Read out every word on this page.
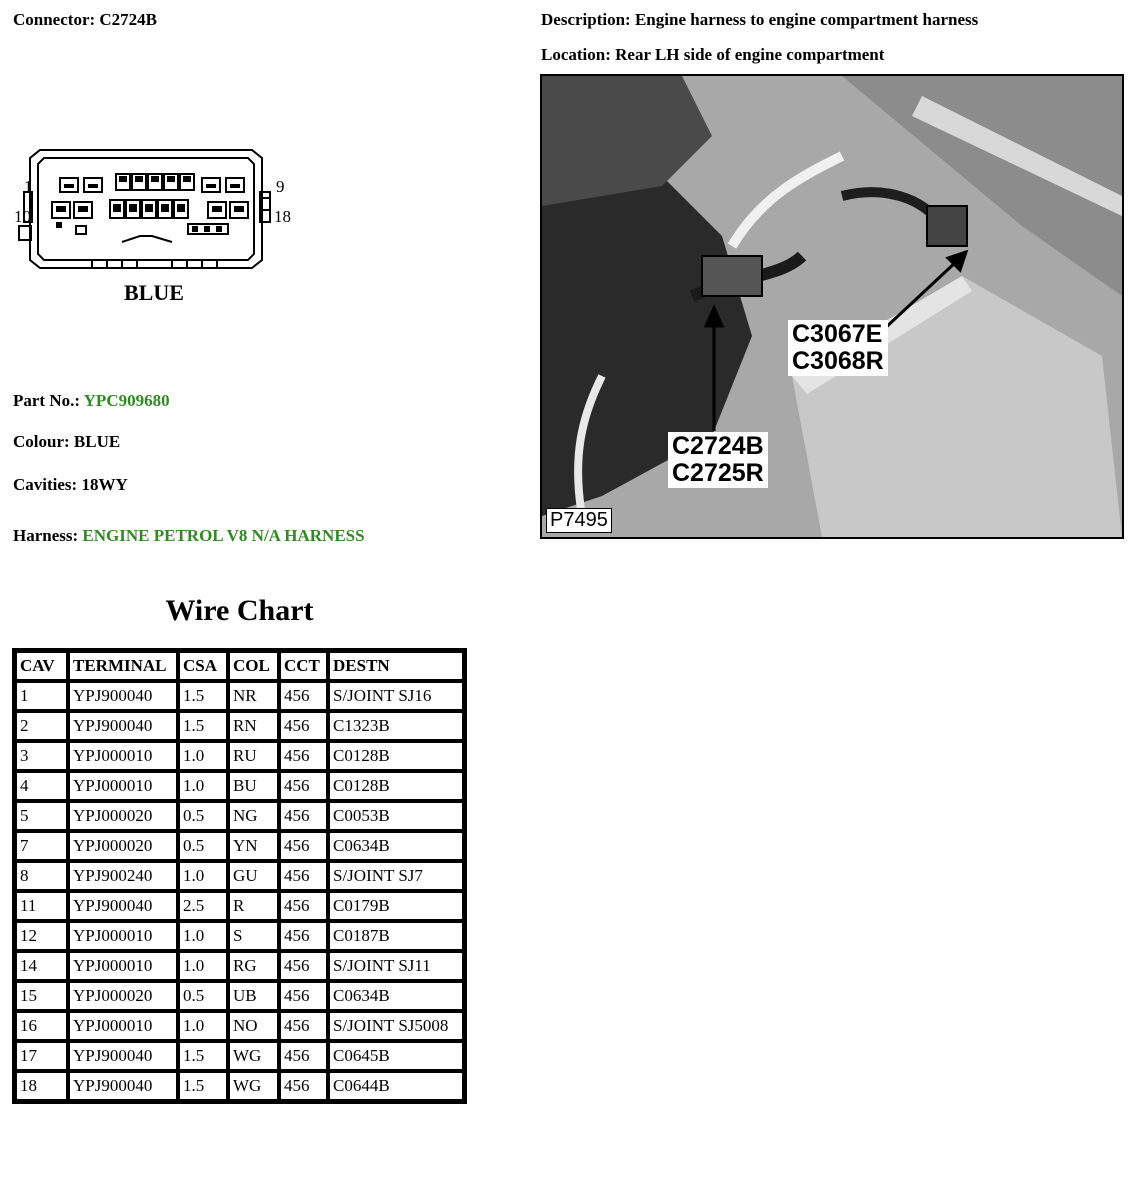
Connector: C2724B	Description: Engine harness to engine compartment harness
Location: Rear LH side of engine compartment
1
10
9
18
BLUE
Part No.: YPC909680
Colour: BLUE
Cavities: 18WY
Harness: ENGINE PETROL V8 N/A HARNESS
C3067E
C3068R
C2724B
C2725R
P7495
Wire Chart
CAV	TERMINAL	CSA	COL	CCT	DESTN
1	YPJ900040	1.5	NR	456	S/JOINT SJ16
2	YPJ900040	1.5	RN	456	C1323B
3	YPJ000010	1.0	RU	456	C0128B
4	YPJ000010	1.0	BU	456	C0128B
5	YPJ000020	0.5	NG	456	C0053B
7	YPJ000020	0.5	YN	456	C0634B
8	YPJ900240	1.0	GU	456	S/JOINT SJ7
11	YPJ900040	2.5	R	456	C0179B
12	YPJ000010	1.0	S	456	C0187B
14	YPJ000010	1.0	RG	456	S/JOINT SJ11
15	YPJ000020	0.5	UB	456	C0634B
16	YPJ000010	1.0	NO	456	S/JOINT SJ5008
17	YPJ900040	1.5	WG	456	C0645B
18	YPJ900040	1.5	WG	456	C0644B
